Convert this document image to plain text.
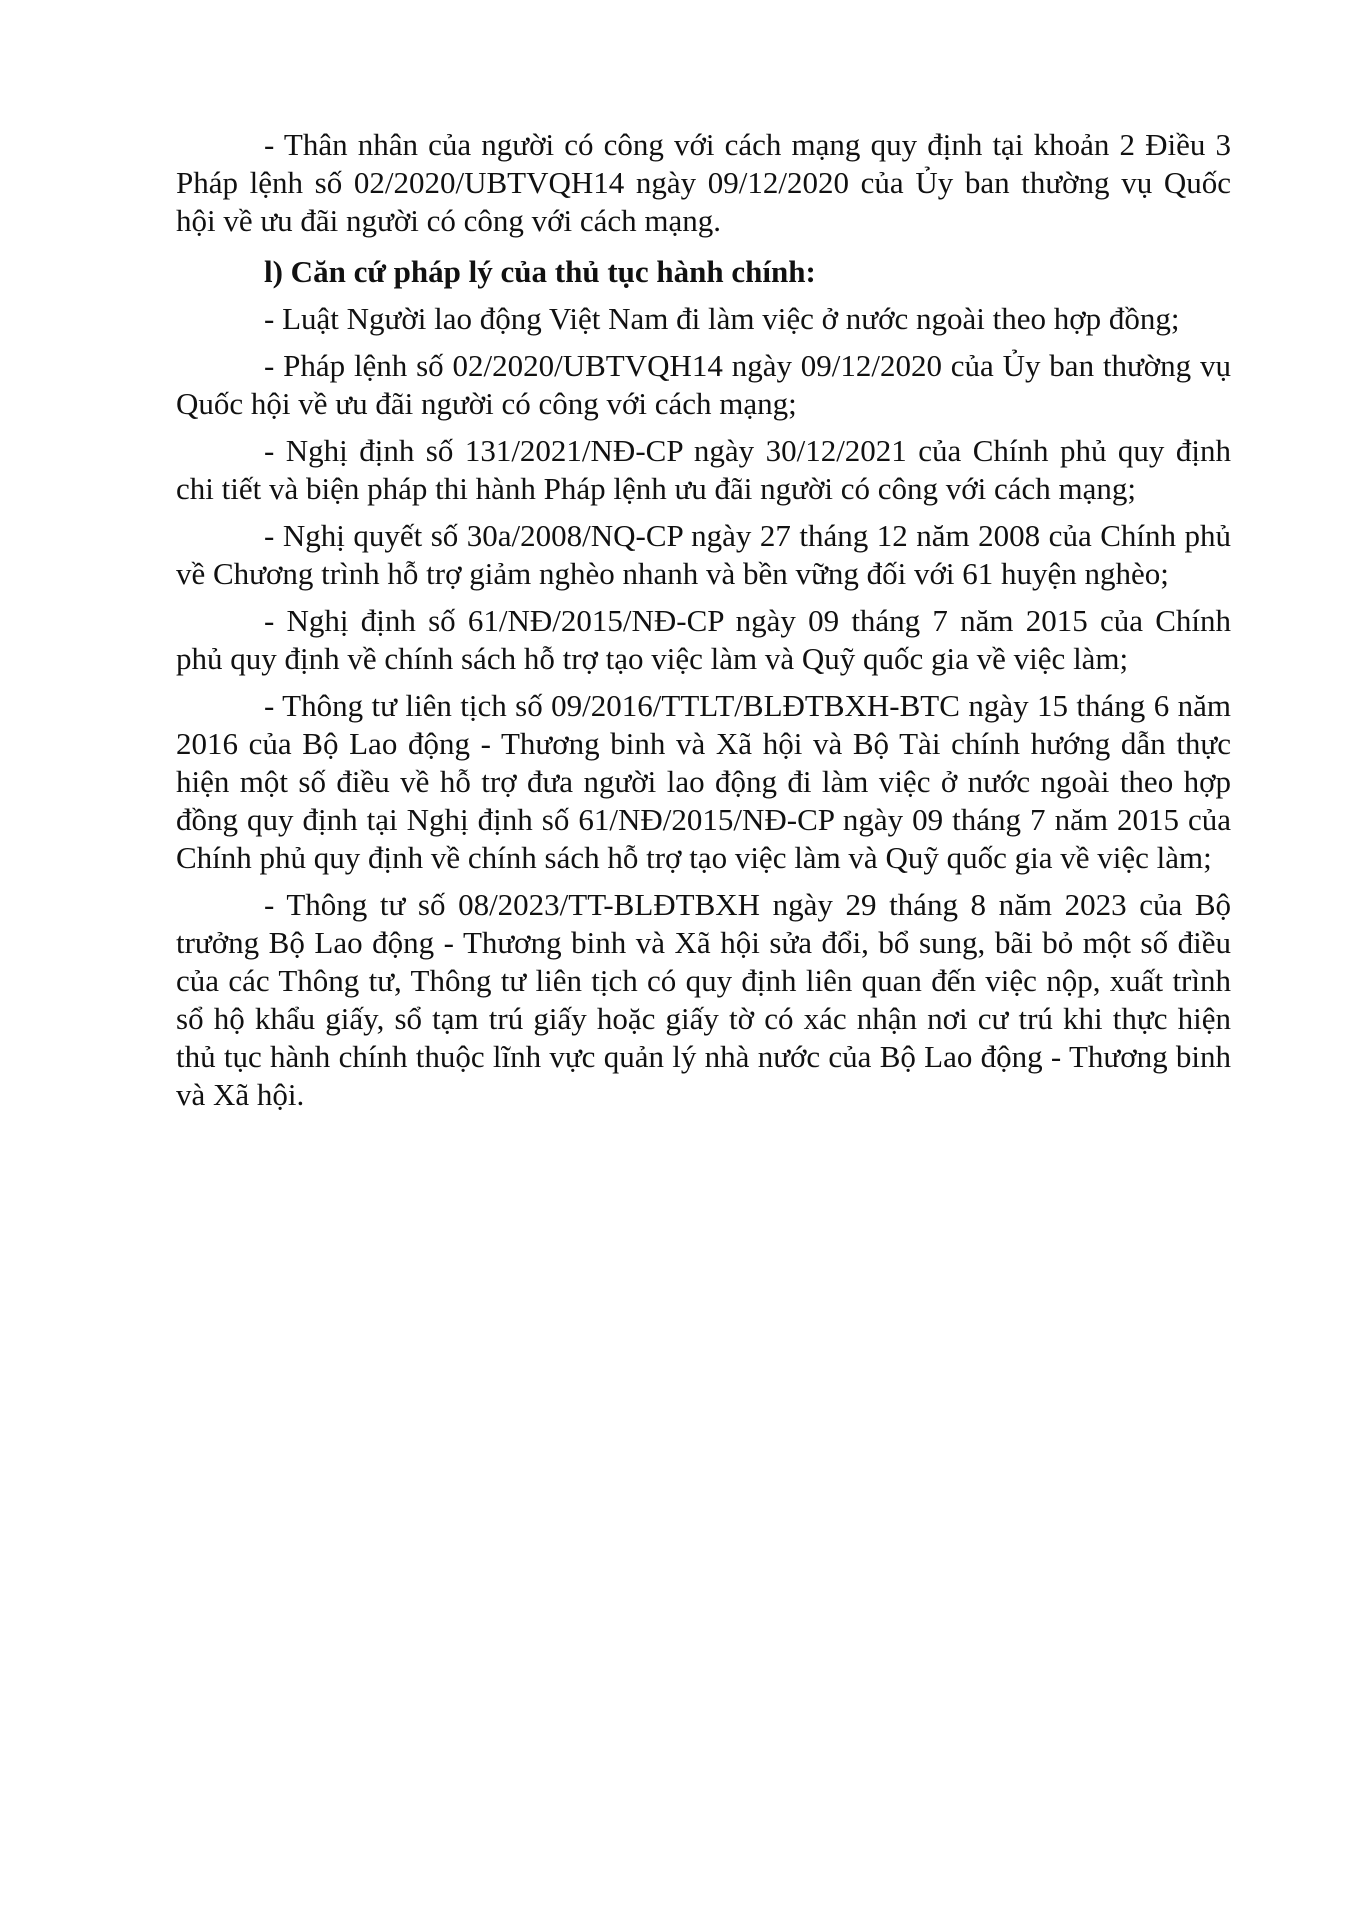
- Thân nhân của người có công với cách mạng quy định tại khoản 2 Điều 3 Pháp lệnh số 02/2020/UBTVQH14 ngày 09/12/2020 của Ủy ban thường vụ Quốc hội về ưu đãi người có công với cách mạng.

l) Căn cứ pháp lý của thủ tục hành chính:

- Luật Người lao động Việt Nam đi làm việc ở nước ngoài theo hợp đồng;

- Pháp lệnh số 02/2020/UBTVQH14 ngày 09/12/2020 của Ủy ban thường vụ Quốc hội về ưu đãi người có công với cách mạng;

- Nghị định số 131/2021/NĐ-CP ngày 30/12/2021 của Chính phủ quy định chi tiết và biện pháp thi hành Pháp lệnh ưu đãi người có công với cách mạng;

- Nghị quyết số 30a/2008/NQ-CP ngày 27 tháng 12 năm 2008 của Chính phủ về Chương trình hỗ trợ giảm nghèo nhanh và bền vững đối với 61 huyện nghèo;

- Nghị định số 61/NĐ/2015/NĐ-CP ngày 09 tháng 7 năm 2015 của Chính phủ quy định về chính sách hỗ trợ tạo việc làm và Quỹ quốc gia về việc làm;

- Thông tư liên tịch số 09/2016/TTLT/BLĐTBXH-BTC ngày 15 tháng 6 năm 2016 của Bộ Lao động - Thương binh và Xã hội và Bộ Tài chính hướng dẫn thực hiện một số điều về hỗ trợ đưa người lao động đi làm việc ở nước ngoài theo hợp đồng quy định tại Nghị định số 61/NĐ/2015/NĐ-CP ngày 09 tháng 7 năm 2015 của Chính phủ quy định về chính sách hỗ trợ tạo việc làm và Quỹ quốc gia về việc làm;

- Thông tư số 08/2023/TT-BLĐTBXH ngày 29 tháng 8 năm 2023 của Bộ trưởng Bộ Lao động - Thương binh và Xã hội sửa đổi, bổ sung, bãi bỏ một số điều của các Thông tư, Thông tư liên tịch có quy định liên quan đến việc nộp, xuất trình sổ hộ khẩu giấy, sổ tạm trú giấy hoặc giấy tờ có xác nhận nơi cư trú khi thực hiện thủ tục hành chính thuộc lĩnh vực quản lý nhà nước của Bộ Lao động - Thương binh và Xã hội.
